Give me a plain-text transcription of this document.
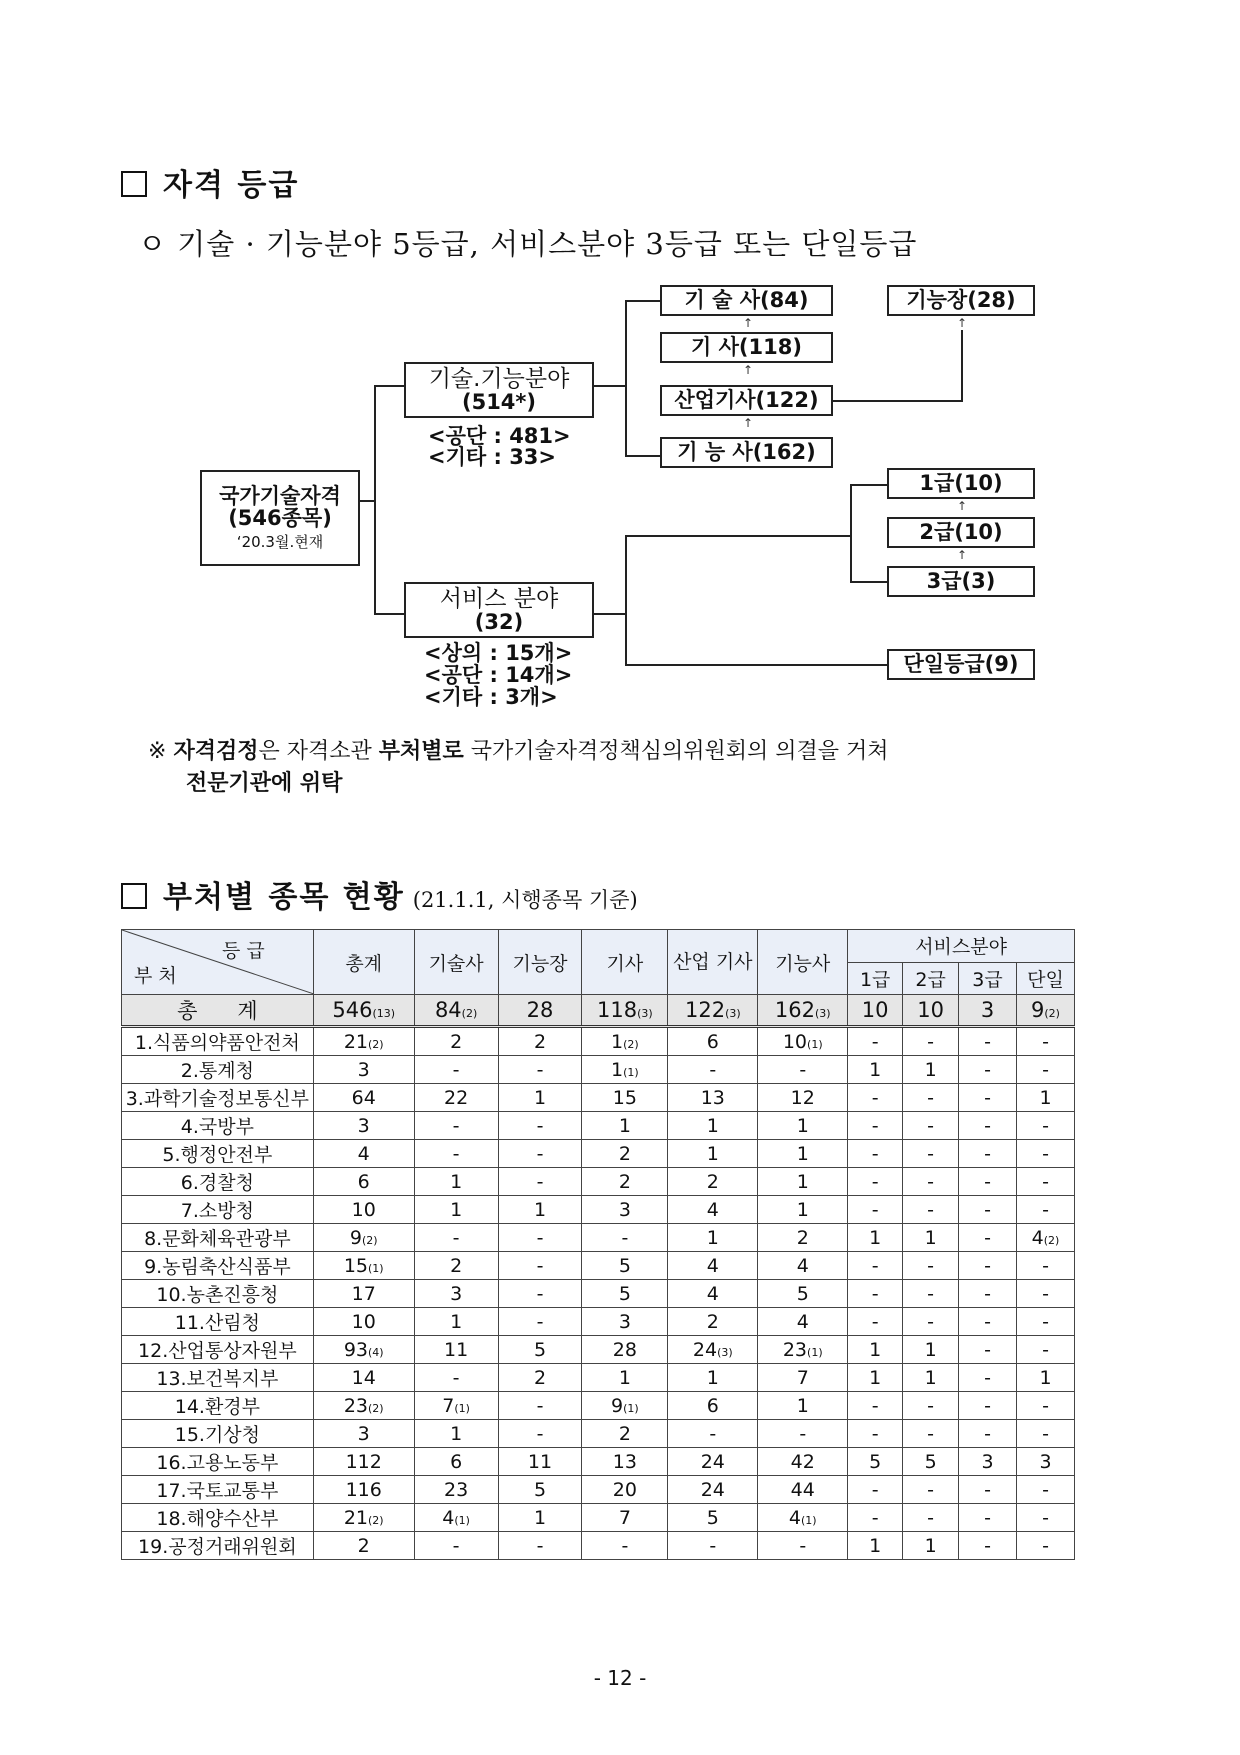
자격 등급
ㅇ 기술 · 기능분야 5등급, 서비스분야 3등급 또는 단일등급
국가기술자격
(546종목)
‘20.3월.현재
기술.기능분야
(514*)
<공단 : 481>
<기타 : 33>
서비스 분야
(32)
<상의 : 15개>
<공단 : 14개>
<기타 : 3개>
기 술 사(84)
↑
기 사(118)
↑
산업기사(122)
↑
기 능 사(162)
기능장(28)
↑
1급(10)
↑
2급(10)
↑
3급(3)
단일등급(9)
※ 자격검정은 자격소관 부처별로 국가기술자격정책심의위원회의 의결을 거쳐
전문기관에 위탁
부처별 종목 현황 (21.1.1, 시행종목 기준)
등 급
부 처	총계	기술사	기능장	기사	산업 기사	기능사	서비스분야			
							1급	2급	3급	단일
총      계	546(13)	84(2)	28	118(3)	122(3)	162(3)	10	10	3	9(2)
1.식품의약품안전처	21(2)	2	2	1(2)	6	10(1)	-	-	-	-
2.통계청	3	-	-	1(1)	-	-	1	1	-	-
3.과학기술정보통신부	64	22	1	15	13	12	-	-	-	1
4.국방부	3	-	-	1	1	1	-	-	-	-
5.행정안전부	4	-	-	2	1	1	-	-	-	-
6.경찰청	6	1	-	2	2	1	-	-	-	-
7.소방청	10	1	1	3	4	1	-	-	-	-
8.문화체육관광부	9(2)	-	-	-	1	2	1	1	-	4(2)
9.농림축산식품부	15(1)	2	-	5	4	4	-	-	-	-
10.농촌진흥청	17	3	-	5	4	5	-	-	-	-
11.산림청	10	1	-	3	2	4	-	-	-	-
12.산업통상자원부	93(4)	11	5	28	24(3)	23(1)	1	1	-	-
13.보건복지부	14	-	2	1	1	7	1	1	-	1
14.환경부	23(2)	7(1)	-	9(1)	6	1	-	-	-	-
15.기상청	3	1	-	2	-	-	-	-	-	-
16.고용노동부	112	6	11	13	24	42	5	5	3	3
17.국토교통부	116	23	5	20	24	44	-	-	-	-
18.해양수산부	21(2)	4(1)	1	7	5	4(1)	-	-	-	-
19.공정거래위원회	2	-	-	-	-	-	1	1	-	-
- 12 -
